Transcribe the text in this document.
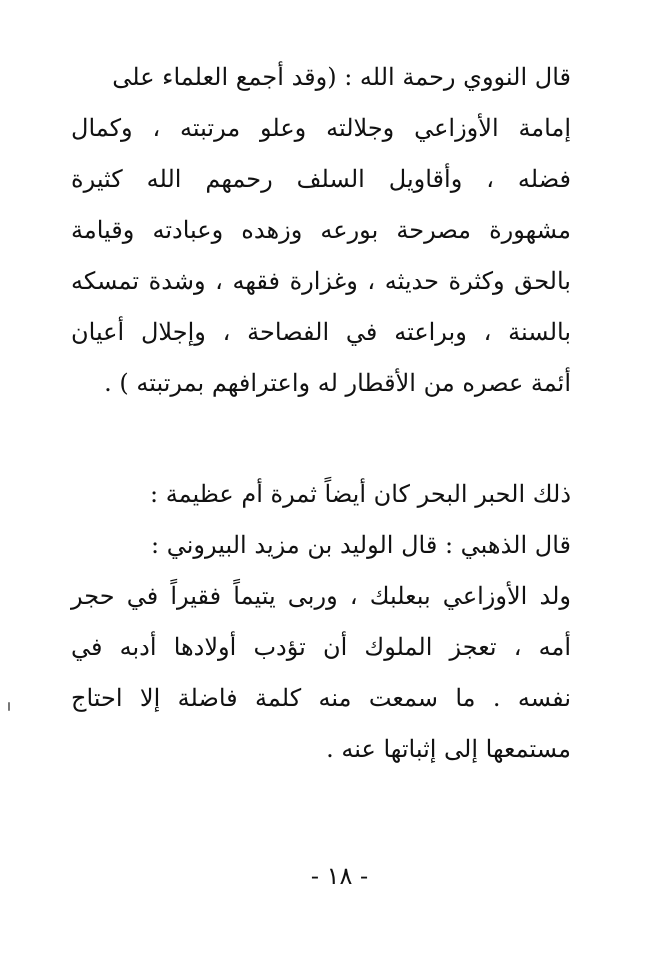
قال النووي رحمة الله : (وقد أجمع العلماء على
إمامة الأوزاعي وجلالته وعلو مرتبته ، وكمال
فضله ، وأقاويل السلف رحمهم الله كثيرة
مشهورة مصرحة بورعه وزهده وعبادته وقيامة
بالحق وكثرة حديثه ، وغزارة فقهه ، وشدة تمسكه
بالسنة ، وبراعته في الفصاحة ، وإجلال أعيان
أئمة عصره من الأقطار له واعترافهم بمرتبته ) .
ذلك الحبر البحر كان أيضاً ثمرة أم عظيمة :
قال الذهبي : قال الوليد بن مزيد البيروني :
ولد الأوزاعي ببعلبك ، وربى يتيماً فقيراً في حجر
أمه ، تعجز الملوك أن تؤدب أولادها أدبه في
نفسه . ما سمعت منه كلمة فاضلة إلا احتاج
مستمعها إلى إثباتها عنه .
- ١٨ -
